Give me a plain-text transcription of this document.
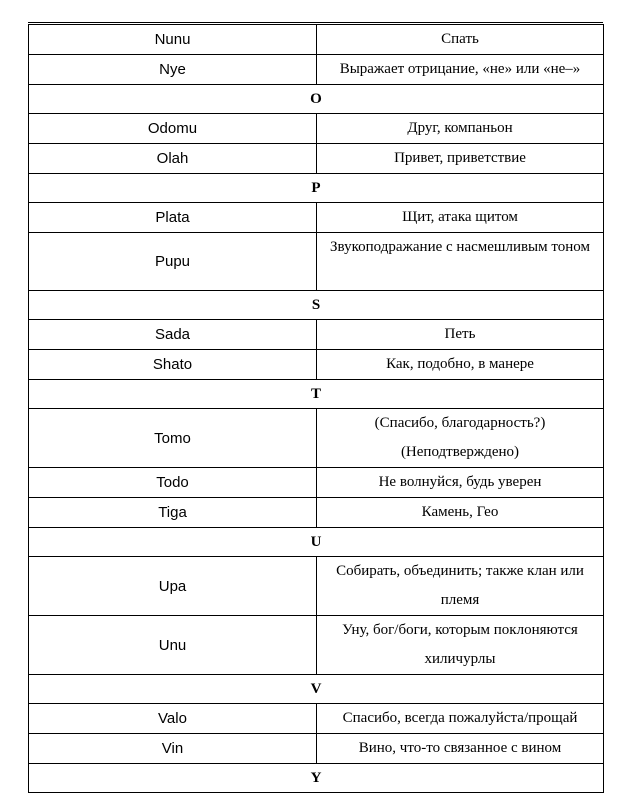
Nunu	Спать
Nye	Выражает отрицание, «не» или «не–»
O	
Odomu	Друг, компаньон
Olah	Привет, приветствие
P	
Plata	Щит, атака щитом
Pupu	Звукоподражание с насмешливым тоном
S	
Sada	Петь
Shato	Как, подобно, в манере
T	
Tomo	(Спасибо, благодарность?) (Неподтверждено)
Todo	Не волнуйся, будь уверен
Tiga	Камень, Гео
U	
Upa	Собирать, объединить; также клан или племя
Unu	Уну, бог/боги, которым поклоняются хиличурлы
V	
Valo	Спасибо, всегда пожалуйста/прощай
Vin	Вино, что-то связанное с вином
Y	
